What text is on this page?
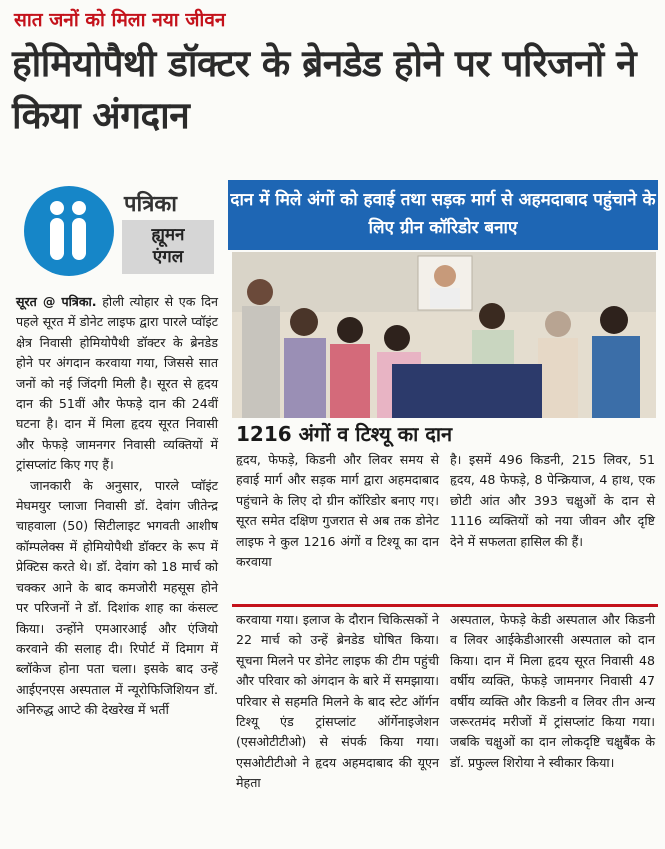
सात जनों को मिला नया जीवन
होमियोपैथी डॉक्टर के ब्रेनडेड होने पर परिजनों ने किया अंगदान
पत्रिका
ह्यूमन
एंगल
दान में मिले अंगों को हवाई तथा सड़क मार्ग से अहमदाबाद पहुंचाने के लिए ग्रीन कॉरिडोर बनाए
1216 अंगों व टिश्यू का दान

सूरत @ पत्रिका. होली त्योहार से एक दिन पहले सूरत में डोनेट लाइफ द्वारा पारले प्वॉइंट क्षेत्र निवासी होमियोपैथी डॉक्टर के ब्रेनडेड होने पर अंगदान करवाया गया, जिससे सात जनों को नई जिंदगी मिली है। सूरत से हृदय दान की 51वीं और फेफड़े दान की 24वीं घटना है। दान में मिला हृदय सूरत निवासी और फेफड़े जामनगर निवासी व्यक्तियों में ट्रांसप्लांट किए गए हैं।

जानकारी के अनुसार, पारले प्वॉइंट मेघमयुर प्लाजा निवासी डॉ. देवांग जीतेन्द्र चाहवाला (50) सिटीलाइट भगवती आशीष कॉम्पलेक्स में होमियोपैथी डॉक्टर के रूप में प्रेक्टिस करते थे। डॉ. देवांग को 18 मार्च को चक्कर आने के बाद कमजोरी महसूस होने पर परिजनों ने डॉ. दिशांक शाह का कंसल्ट किया। उन्होंने एमआरआई और एंजियो करवाने की सलाह दी। रिपोर्ट में दिमाग में ब्लॉकेज होना पता चला। इसके बाद उन्हें आईएनएस अस्पताल में न्यूरोफिजिशियन डॉ. अनिरुद्ध आप्टे की देखरेख में भर्ती

हृदय, फेफड़े, किडनी और लिवर समय से हवाई मार्ग और सड़क मार्ग द्वारा अहमदाबाद पहुंचाने के लिए दो ग्रीन कॉरिडोर बनाए गए। सूरत समेत दक्षिण गुजरात से अब तक डोनेट लाइफ ने कुल 1216 अंगों व टिश्यू का दान करवाया
है। इसमें 496 किडनी, 215 लिवर, 51 हृदय, 48 फेफड़े, 8 पेन्क्रियाज, 4 हाथ, एक छोटी आंत और 393 चक्षुओं के दान से 1116 व्यक्तियों को नया जीवन और दृष्टि देने में सफलता हासिल की हैं।
करवाया गया। इलाज के दौरान चिकित्सकों ने 22 मार्च को उन्हें ब्रेनडेड घोषित किया। सूचना मिलने पर डोनेट लाइफ की टीम पहुंची और परिवार को अंगदान के बारे में समझाया। परिवार से सहमति मिलने के बाद स्टेट ऑर्गन टिश्यू एंड ट्रांसप्लांट ऑर्गेनाइजेशन (एसओटीटीओ) से संपर्क किया गया। एसओटीटीओ ने हृदय अहमदाबाद की यूएन मेहता
अस्पताल, फेफड़े केडी अस्पताल और किडनी व लिवर आईकेडीआरसी अस्पताल को दान किया। दान में मिला हृदय सूरत निवासी 48 वर्षीय व्यक्ति, फेफड़े जामनगर निवासी 47 वर्षीय व्यक्ति और किडनी व लिवर तीन अन्य जरूरतमंद मरीजों में ट्रांसप्लांट किया गया। जबकि चक्षुओं का दान लोकदृष्टि चक्षुबैंक के डॉ. प्रफुल्ल शिरोया ने स्वीकार किया।
